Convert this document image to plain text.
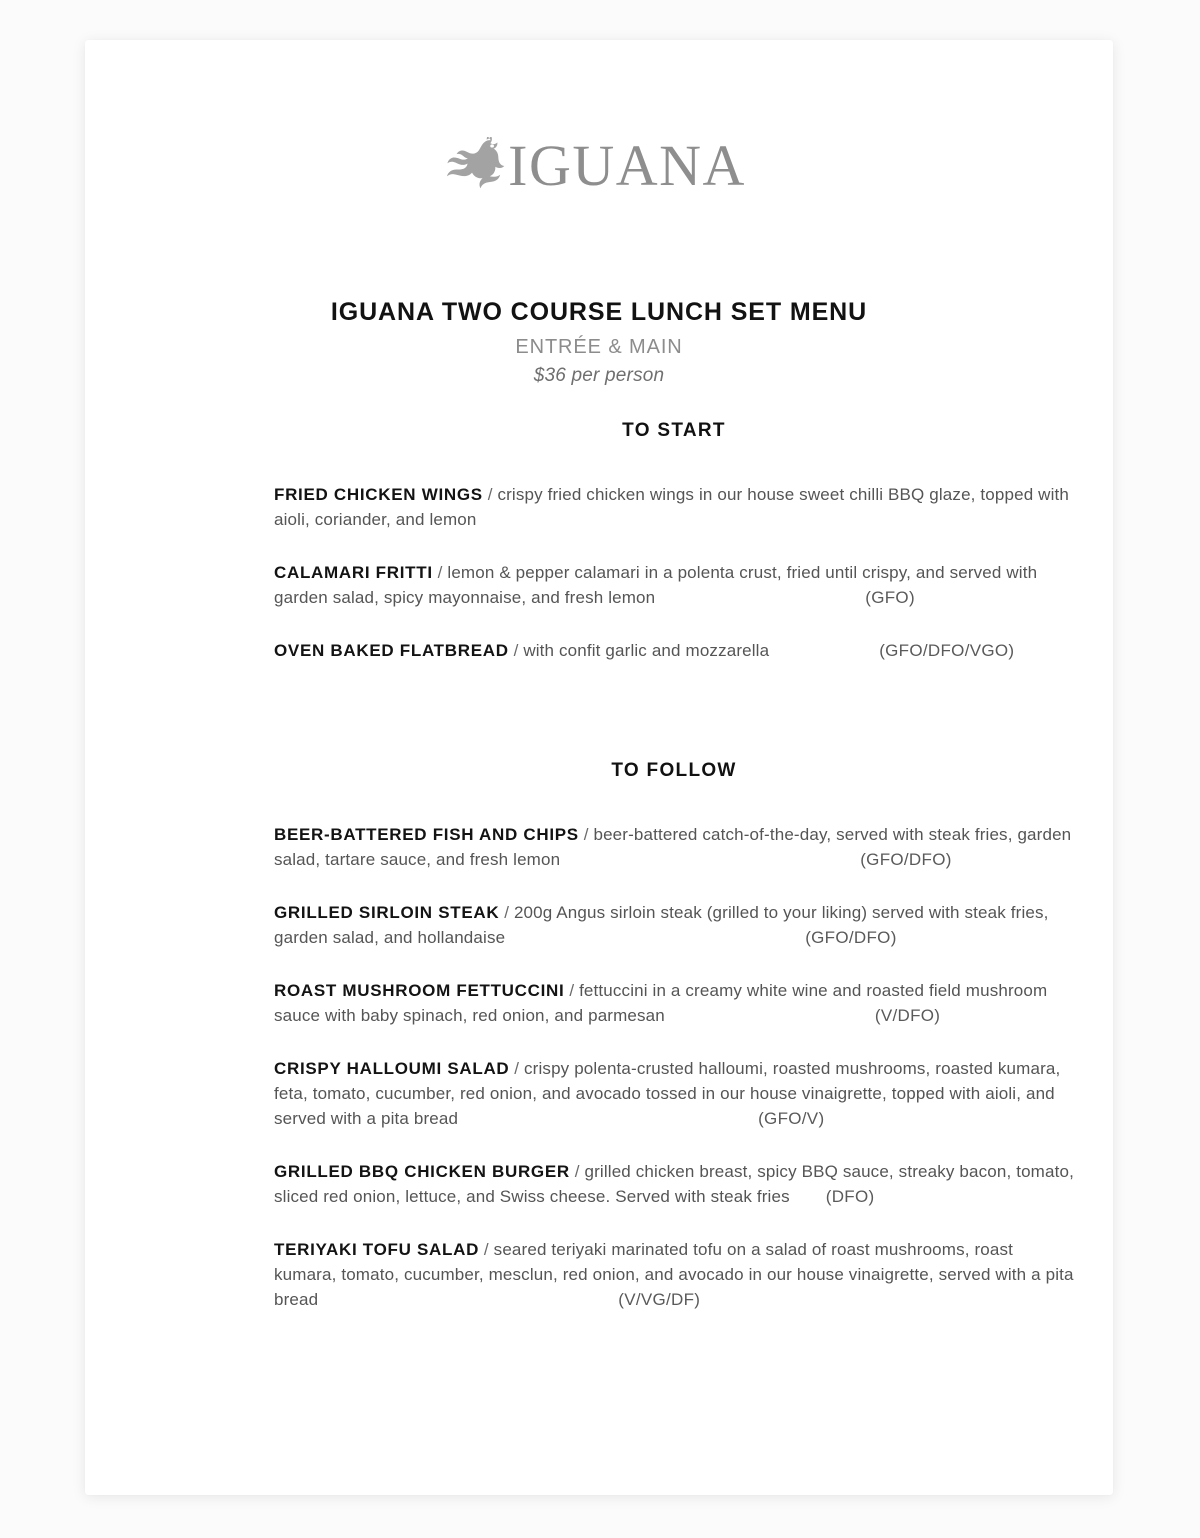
IGUANA
IGUANA TWO COURSE LUNCH SET MENU
ENTRÉE & MAIN
$36 per person
TO START

FRIED CHICKEN WINGS / crispy fried chicken wings in our house sweet chilli BBQ glaze, topped with aioli, coriander, and lemon

CALAMARI FRITTI / lemon & pepper calamari in a polenta crust, fried until crispy, and served with garden salad, spicy mayonnaise, and fresh lemon	(GFO)

OVEN BAKED FLATBREAD / with confit garlic and mozzarella	(GFO/DFO/VGO)

TO FOLLOW

BEER-BATTERED FISH AND CHIPS / beer-battered catch-of-the-day, served with steak fries, garden salad, tartare sauce, and fresh lemon	(GFO/DFO)

GRILLED SIRLOIN STEAK / 200g Angus sirloin steak (grilled to your liking) served with steak fries, garden salad, and hollandaise	(GFO/DFO)

ROAST MUSHROOM FETTUCCINI / fettuccini in a creamy white wine and roasted field mushroom sauce with baby spinach, red onion, and parmesan	(V/DFO)

CRISPY HALLOUMI SALAD / crispy polenta-crusted halloumi, roasted mushrooms, roasted kumara, feta, tomato, cucumber, red onion, and avocado tossed in our house vinaigrette, topped with aioli, and served with a pita bread	(GFO/V)

GRILLED BBQ CHICKEN BURGER / grilled chicken breast, spicy BBQ sauce, streaky bacon, tomato, sliced red onion, lettuce, and Swiss cheese. Served with steak fries (DFO)

TERIYAKI TOFU SALAD / seared teriyaki marinated tofu on a salad of roast mushrooms, roast kumara, tomato, cucumber, mesclun, red onion, and avocado in our house vinaigrette, served with a pita bread	(V/VG/DF)
